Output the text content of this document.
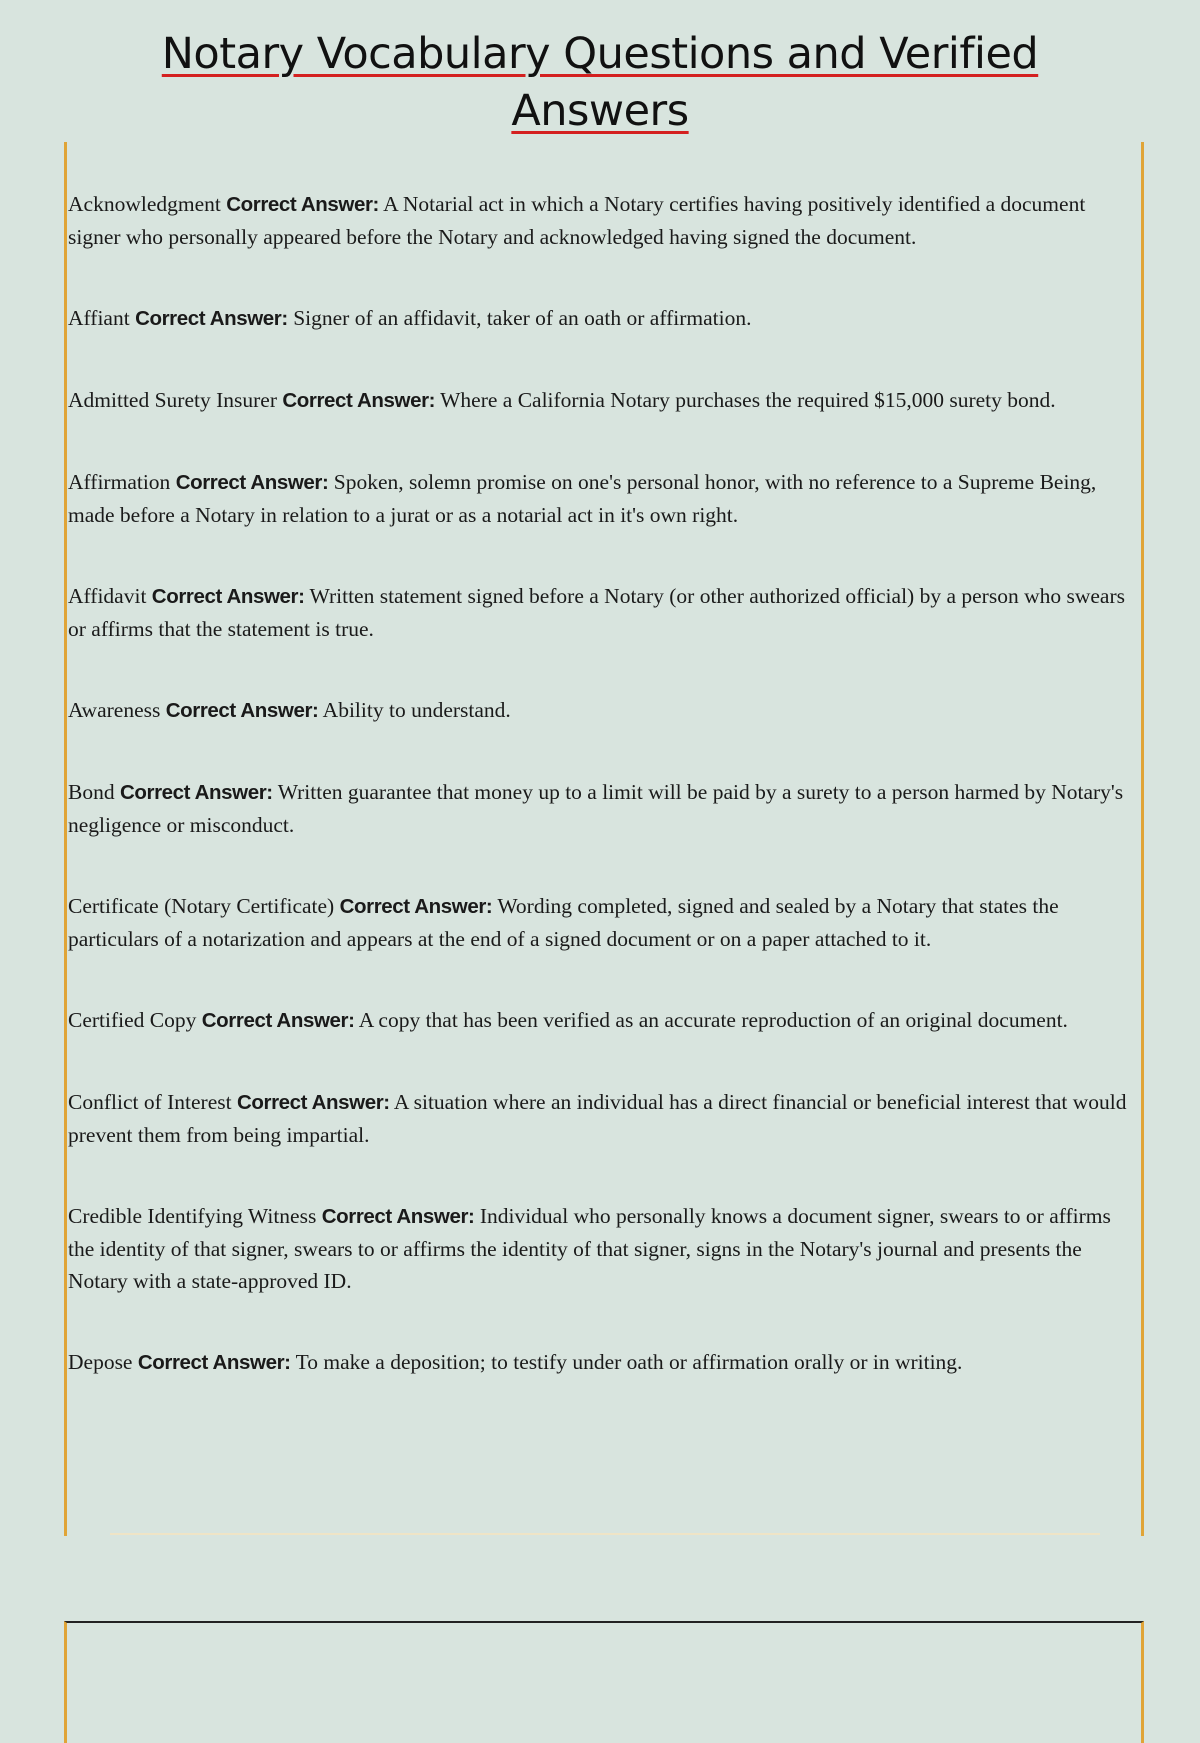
Notary Vocabulary Questions and Verified
Answers

Acknowledgment Correct Answer: A Notarial act in which a Notary certifies having positively identified a document signer who personally appeared before the Notary and acknowledged having signed the document.

Affiant Correct Answer: Signer of an affidavit, taker of an oath or affirmation.

Admitted Surety Insurer Correct Answer: Where a California Notary purchases the required $15,000 surety bond.

Affirmation Correct Answer: Spoken, solemn promise on one's personal honor, with no reference to a Supreme Being, made before a Notary in relation to a jurat or as a notarial act in it's own right.

Affidavit Correct Answer: Written statement signed before a Notary (or other authorized official) by a person who swears or affirms that the statement is true.

Awareness Correct Answer: Ability to understand.

Bond Correct Answer: Written guarantee that money up to a limit will be paid by a surety to a person harmed by Notary's negligence or misconduct.

Certificate (Notary Certificate) Correct Answer: Wording completed, signed and sealed by a Notary that states the particulars of a notarization and appears at the end of a signed document or on a paper attached to it.

Certified Copy Correct Answer: A copy that has been verified as an accurate reproduction of an original document.

Conflict of Interest Correct Answer: A situation where an individual has a direct financial or beneficial interest that would prevent them from being impartial.

Credible Identifying Witness Correct Answer: Individual who personally knows a document signer, swears to or affirms the identity of that signer, swears to or affirms the identity of that signer, signs in the Notary's journal and presents the Notary with a state-approved ID.

Depose Correct Answer: To make a deposition; to testify under oath or affirmation orally or in writing.
